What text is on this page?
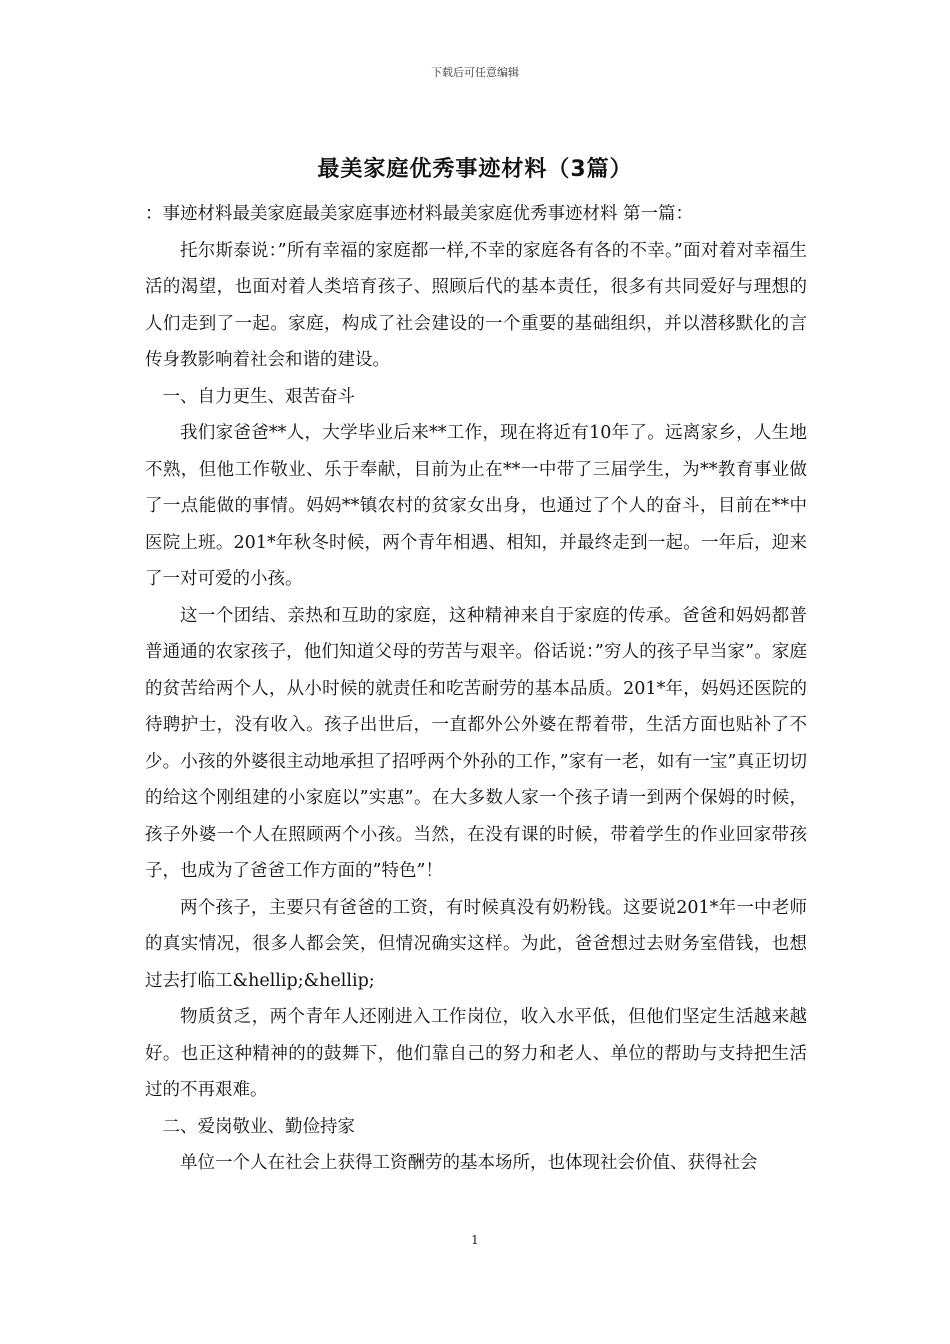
下载后可任意编辑
最美家庭优秀事迹材料（3篇）

：事迹材料最美家庭最美家庭事迹材料最美家庭优秀事迹材料 第一篇：

托尔斯泰说：”所有幸福的家庭都一样,不幸的家庭各有各的不幸。”面对着对幸福生活的渴望，也面对着人类培育孩子、照顾后代的基本责任，很多有共同爱好与理想的人们走到了一起。家庭，构成了社会建设的一个重要的基础组织，并以潜移默化的言传身教影响着社会和谐的建设。

一、自力更生、艰苦奋斗

我们家爸爸**人，大学毕业后来**工作，现在将近有10年了。远离家乡，人生地不熟，但他工作敬业、乐于奉献，目前为止在**一中带了三届学生，为**教育事业做了一点能做的事情。妈妈**镇农村的贫家女出身，也通过了个人的奋斗，目前在**中医院上班。201*年秋冬时候，两个青年相遇、相知，并最终走到一起。一年后，迎来了一对可爱的小孩。

这一个团结、亲热和互助的家庭，这种精神来自于家庭的传承。爸爸和妈妈都普普通通的农家孩子，他们知道父母的劳苦与艰辛。俗话说：”穷人的孩子早当家”。家庭的贫苦给两个人，从小时候的就责任和吃苦耐劳的基本品质。201*年，妈妈还医院的待聘护士，没有收入。孩子出世后，一直都外公外婆在帮着带，生活方面也贴补了不少。小孩的外婆很主动地承担了招呼两个外孙的工作，”家有一老，如有一宝”真正切切的给这个刚组建的小家庭以”实惠”。在大多数人家一个孩子请一到两个保姆的时候，孩子外婆一个人在照顾两个小孩。当然，在没有课的时候，带着学生的作业回家带孩子，也成为了爸爸工作方面的”特色”！

两个孩子，主要只有爸爸的工资，有时候真没有奶粉钱。这要说201*年一中老师的真实情况，很多人都会笑，但情况确实这样。为此，爸爸想过去财务室借钱，也想过去打临工&hellip;&hellip;

物质贫乏，两个青年人还刚进入工作岗位，收入水平低，但他们坚定生活越来越好。也正这种精神的的鼓舞下，他们靠自己的努力和老人、单位的帮助与支持把生活过的不再艰难。

二、爱岗敬业、勤俭持家

单位一个人在社会上获得工资酬劳的基本场所，也体现社会价值、获得社会

1
